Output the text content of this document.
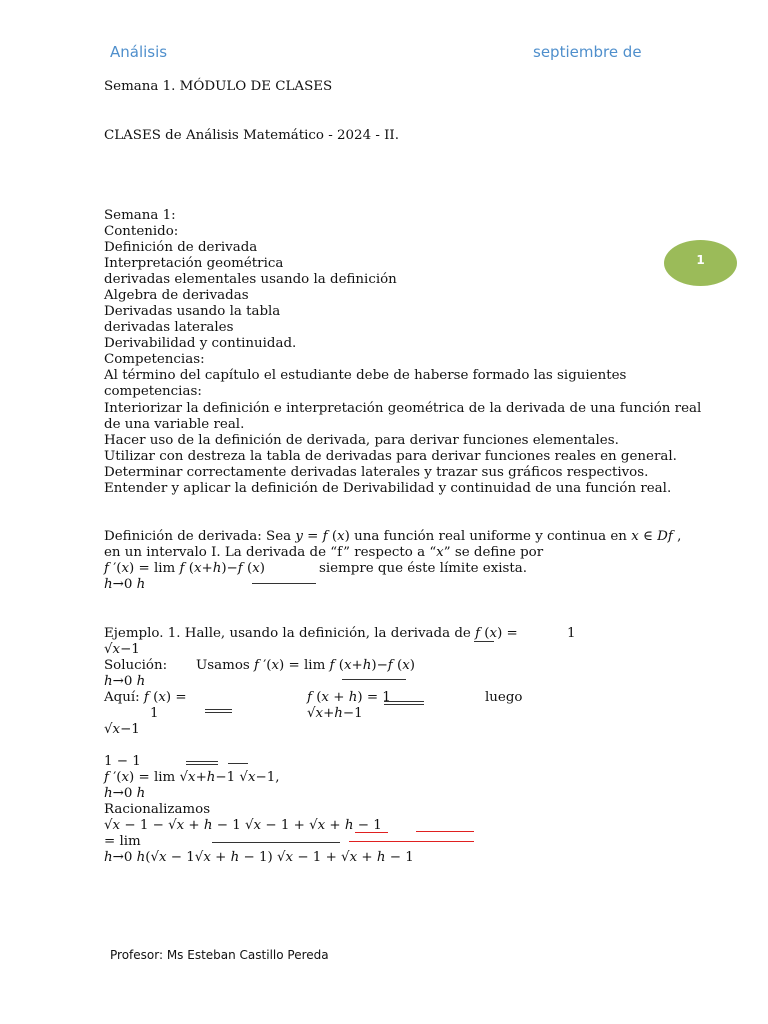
Análisis	septiembre de
1
Semana 1. MÓDULO DE CLASES
CLASES de Análisis Matemático - 2024 - II.
Semana 1:
Contenido:
Definición de derivada
Interpretación geométrica
derivadas elementales usando la definición
Algebra de derivadas
Derivadas usando la tabla
derivadas laterales
Derivabilidad y continuidad.
Competencias:
Al término del capítulo el estudiante debe de haberse formado las siguientes
competencias:
Interiorizar la definición e interpretación geométrica de la derivada de una función real
de una variable real.
Hacer uso de la definición de derivada, para derivar funciones elementales.
Utilizar con destreza la tabla de derivadas para derivar funciones reales en general.
Determinar correctamente derivadas laterales y trazar sus gráficos respectivos.
Entender y aplicar la definición de Derivabilidad y continuidad de una función real.
Definición de derivada: Sea 𝑦 = 𝑓 (𝑥) una función real uniforme y continua en 𝑥 ∈ 𝐷𝑓 ,
en un intervalo I. La derivada de “f” respecto a “𝑥” se define por
𝑓 ′(𝑥) = lim 𝑓 (𝑥+ℎ)−𝑓 (𝑥)	siempre que éste límite exista.
ℎ→0 ℎ
Ejemplo. 1. Halle, usando la definición, la derivada de 𝑓 (𝑥) =	1
√𝑥−1
Solución: Usamos 𝑓 ′(𝑥) = lim 𝑓 (𝑥+ℎ)−𝑓 (𝑥)
ℎ→0 ℎ
Aquí: 𝑓 (𝑥) =	𝑓 (𝑥 + ℎ) = 1	luego
1	√𝑥+ℎ−1
√𝑥−1
1 − 1
𝑓 ′(𝑥) = lim √𝑥+ℎ−1 √𝑥−1,
ℎ→0 ℎ
Racionalizamos
√𝑥 − 1 − √𝑥 + ℎ − 1 √𝑥 − 1 + √𝑥 + ℎ − 1
= lim
ℎ→0 ℎ(√𝑥 − 1√𝑥 + ℎ − 1) √𝑥 − 1 + √𝑥 + ℎ − 1
Profesor: Ms Esteban Castillo Pereda
